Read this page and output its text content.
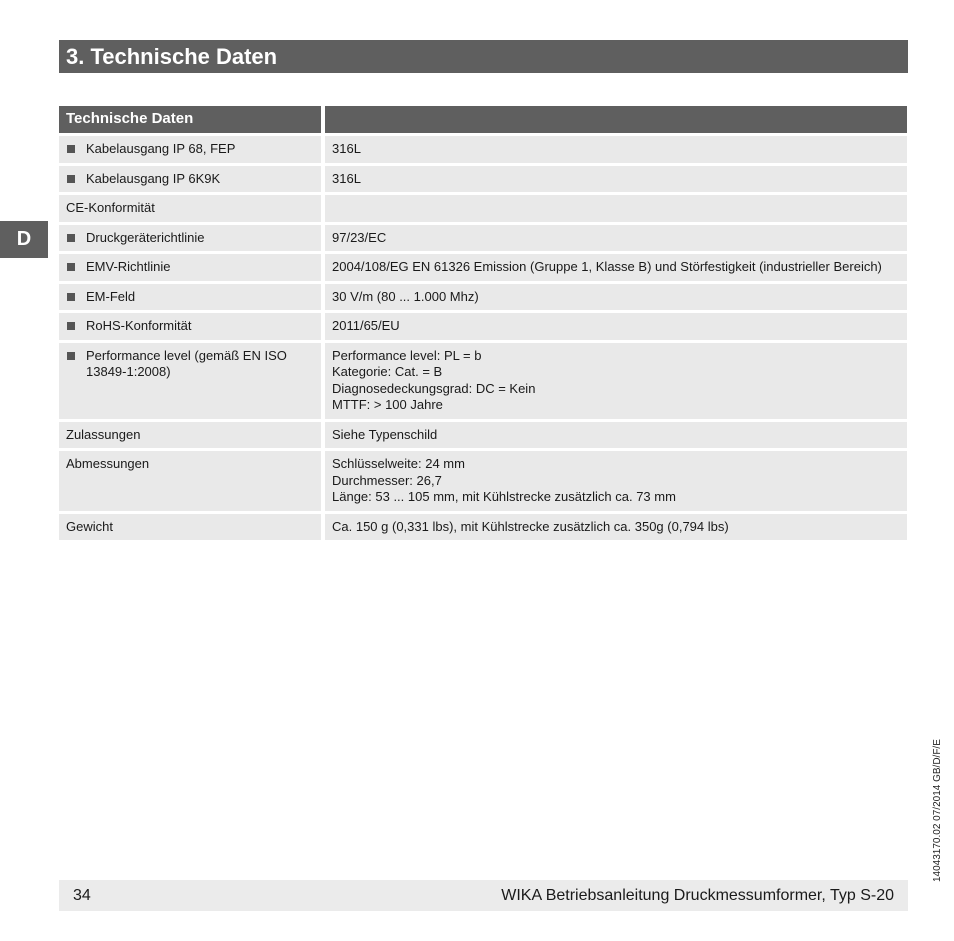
3. Technische Daten
D
Technische Daten		

Kabelausgang IP 68, FEP		316L

Kabelausgang IP 6K9K		316L
CE-Konformität		

Druckgeräterichtlinie		97/23/EC

EMV-Richtlinie		2004/108/EG EN 61326 Emission (Gruppe 1, Klasse B) und Störfestigkeit (industrieller Bereich)

EM-Feld		30 V/m (80 ... 1.000 Mhz)

RoHS-Konformität		2011/65/EU

Performance level (gemäß EN ISO 13849-1:2008)		Performance level: PL = b
Kategorie: Cat. = B
Diagnosedeckungsgrad: DC = Kein
MTTF: > 100 Jahre

Zulassungen		Siehe Typenschild
Abmessungen		Schlüsselweite: 24 mm
Durchmesser: 26,7
Länge: 53 ... 105 mm, mit Kühlstrecke zusätzlich ca. 73 mm

Gewicht		Ca. 150 g (0,331 lbs), mit Kühlstrecke zusätzlich ca. 350g (0,794 lbs)
34	WIKA Betriebsanleitung Druckmessumformer, Typ S-20
14043170.02 07/2014 GB/D/F/E
